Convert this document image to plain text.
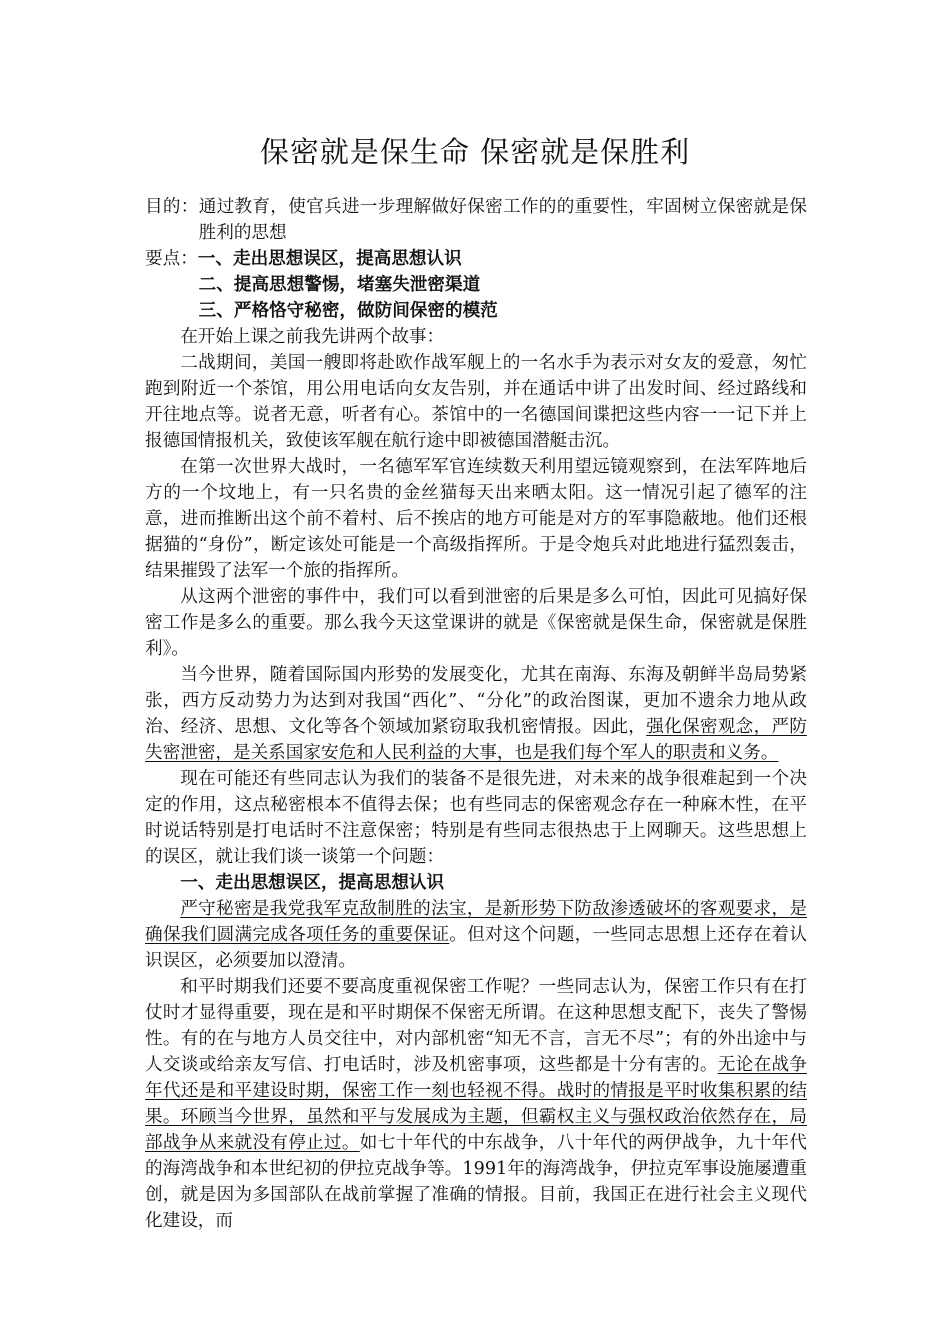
保密就是保生命 保密就是保胜利

目的：通过教育，使官兵进一步理解做好保密工作的的重要性，牢固树立保密就是保胜利的思想

要点：一、走出思想误区，提高思想认识

二、提高思想警惕，堵塞失泄密渠道

三、严格恪守秘密，做防间保密的模范

在开始上课之前我先讲两个故事：

二战期间，美国一艘即将赴欧作战军舰上的一名水手为表示对女友的爱意，匆忙跑到附近一个茶馆，用公用电话向女友告别，并在通话中讲了出发时间、经过路线和开往地点等。说者无意，听者有心。茶馆中的一名德国间谍把这些内容一一记下并上报德国情报机关，致使该军舰在航行途中即被德国潜艇击沉。

在第一次世界大战时，一名德军军官连续数天利用望远镜观察到，在法军阵地后方的一个坟地上，有一只名贵的金丝猫每天出来晒太阳。这一情况引起了德军的注意，进而推断出这个前不着村、后不挨店的地方可能是对方的军事隐蔽地。他们还根据猫的“身份”，断定该处可能是一个高级指挥所。于是令炮兵对此地进行猛烈轰击，结果摧毁了法军一个旅的指挥所。

从这两个泄密的事件中，我们可以看到泄密的后果是多么可怕，因此可见搞好保密工作是多么的重要。那么我今天这堂课讲的就是《保密就是保生命，保密就是保胜利》。

当今世界，随着国际国内形势的发展变化，尤其在南海、东海及朝鲜半岛局势紧张，西方反动势力为达到对我国“西化”、“分化”的政治图谋，更加不遗余力地从政治、经济、思想、文化等各个领域加紧窃取我机密情报。因此，强化保密观念，严防失密泄密，是关系国家安危和人民利益的大事，也是我们每个军人的职责和义务。

现在可能还有些同志认为我们的装备不是很先进，对未来的战争很难起到一个决定的作用，这点秘密根本不值得去保；也有些同志的保密观念存在一种麻木性，在平时说话特别是打电话时不注意保密；特别是有些同志很热忠于上网聊天。这些思想上的误区，就让我们谈一谈第一个问题：

一、走出思想误区，提高思想认识

严守秘密是我党我军克敌制胜的法宝，是新形势下防敌渗透破坏的客观要求，是确保我们圆满完成各项任务的重要保证。但对这个问题，一些同志思想上还存在着认识误区，必须要加以澄清。

和平时期我们还要不要高度重视保密工作呢？一些同志认为，保密工作只有在打仗时才显得重要，现在是和平时期保不保密无所谓。在这种思想支配下，丧失了警惕性。有的在与地方人员交往中，对内部机密“知无不言，言无不尽”；有的外出途中与人交谈或给亲友写信、打电话时，涉及机密事项，这些都是十分有害的。无论在战争年代还是和平建设时期，保密工作一刻也轻视不得。战时的情报是平时收集积累的结果。环顾当今世界，虽然和平与发展成为主题，但霸权主义与强权政治依然存在，局部战争从来就没有停止过。如七十年代的中东战争，八十年代的两伊战争，九十年代的海湾战争和本世纪初的伊拉克战争等。1991年的海湾战争，伊拉克军事设施屡遭重创，就是因为多国部队在战前掌握了准确的情报。目前，我国正在进行社会主义现代化建设，而
